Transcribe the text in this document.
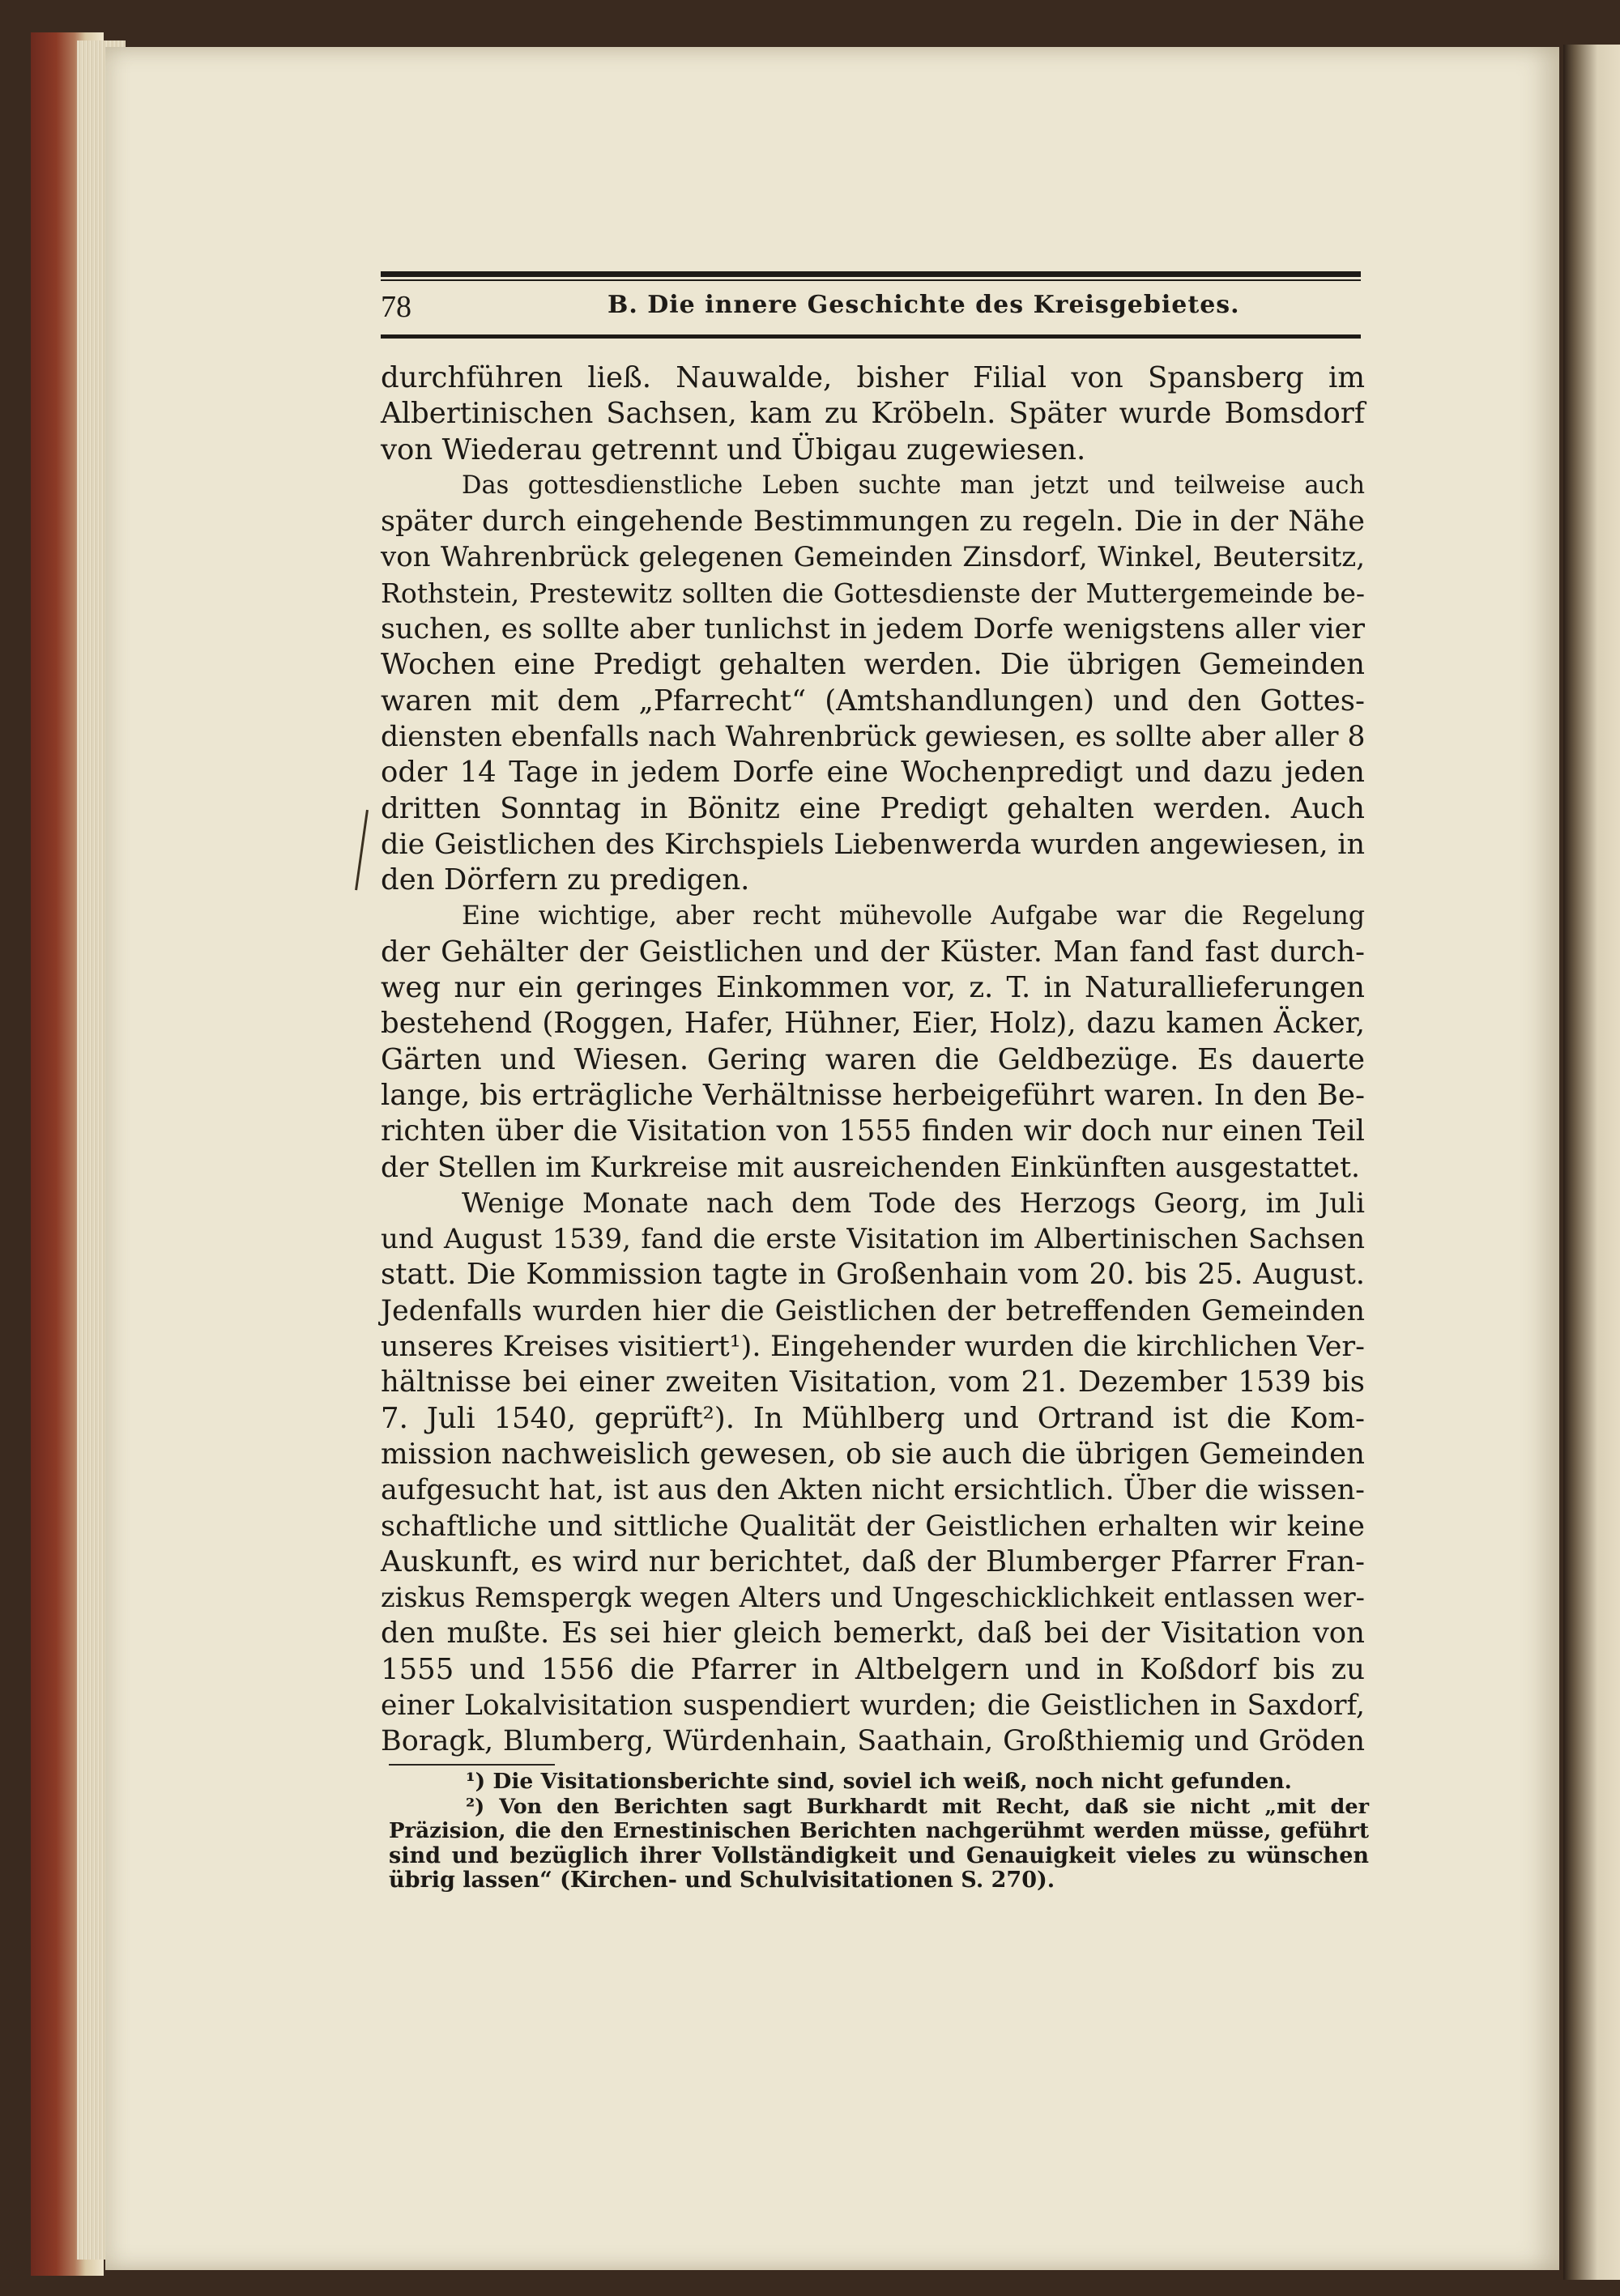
78	B. Die innere Geschichte des Kreisgebietes.
durchführen ließ. Nauwalde, bisher Filial von Spansberg im
Albertinischen Sachsen, kam zu Kröbeln. Später wurde Bomsdorf
von Wiederau getrennt und Übigau zugewiesen.
Das gottesdienstliche Leben suchte man jetzt und teilweise auch
später durch eingehende Bestimmungen zu regeln. Die in der Nähe
von Wahrenbrück gelegenen Gemeinden Zinsdorf, Winkel, Beutersitz,
Rothstein, Prestewitz sollten die Gottesdienste der Muttergemeinde be-
suchen, es sollte aber tunlichst in jedem Dorfe wenigstens aller vier
Wochen eine Predigt gehalten werden. Die übrigen Gemeinden
waren mit dem „Pfarrecht“ (Amtshandlungen) und den Gottes-
diensten ebenfalls nach Wahrenbrück gewiesen, es sollte aber aller 8
oder 14 Tage in jedem Dorfe eine Wochenpredigt und dazu jeden
dritten Sonntag in Bönitz eine Predigt gehalten werden. Auch
die Geistlichen des Kirchspiels Liebenwerda wurden angewiesen, in
den Dörfern zu predigen.
Eine wichtige, aber recht mühevolle Aufgabe war die Regelung
der Gehälter der Geistlichen und der Küster. Man fand fast durch-
weg nur ein geringes Einkommen vor, z. T. in Naturallieferungen
bestehend (Roggen, Hafer, Hühner, Eier, Holz), dazu kamen Äcker,
Gärten und Wiesen. Gering waren die Geldbezüge. Es dauerte
lange, bis erträgliche Verhältnisse herbeigeführt waren. In den Be-
richten über die Visitation von 1555 finden wir doch nur einen Teil
der Stellen im Kurkreise mit ausreichenden Einkünften ausgestattet.
Wenige Monate nach dem Tode des Herzogs Georg, im Juli
und August 1539, fand die erste Visitation im Albertinischen Sachsen
statt. Die Kommission tagte in Großenhain vom 20. bis 25. August.
Jedenfalls wurden hier die Geistlichen der betreffenden Gemeinden
unseres Kreises visitiert¹). Eingehender wurden die kirchlichen Ver-
hältnisse bei einer zweiten Visitation, vom 21. Dezember 1539 bis
7. Juli 1540, geprüft²). In Mühlberg und Ortrand ist die Kom-
mission nachweislich gewesen, ob sie auch die übrigen Gemeinden
aufgesucht hat, ist aus den Akten nicht ersichtlich. Über die wissen-
schaftliche und sittliche Qualität der Geistlichen erhalten wir keine
Auskunft, es wird nur berichtet, daß der Blumberger Pfarrer Fran-
ziskus Remspergk wegen Alters und Ungeschicklichkeit entlassen wer-
den mußte. Es sei hier gleich bemerkt, daß bei der Visitation von
1555 und 1556 die Pfarrer in Altbelgern und in Koßdorf bis zu
einer Lokalvisitation suspendiert wurden; die Geistlichen in Saxdorf,
Boragk, Blumberg, Würdenhain, Saathain, Großthiemig und Gröden
¹) Die Visitationsberichte sind, soviel ich weiß, noch nicht gefunden.
²) Von den Berichten sagt Burkhardt mit Recht, daß sie nicht „mit der
Präzision, die den Ernestinischen Berichten nachgerühmt werden müsse, geführt
sind und bezüglich ihrer Vollständigkeit und Genauigkeit vieles zu wünschen
übrig lassen“ (Kirchen- und Schulvisitationen S. 270).
